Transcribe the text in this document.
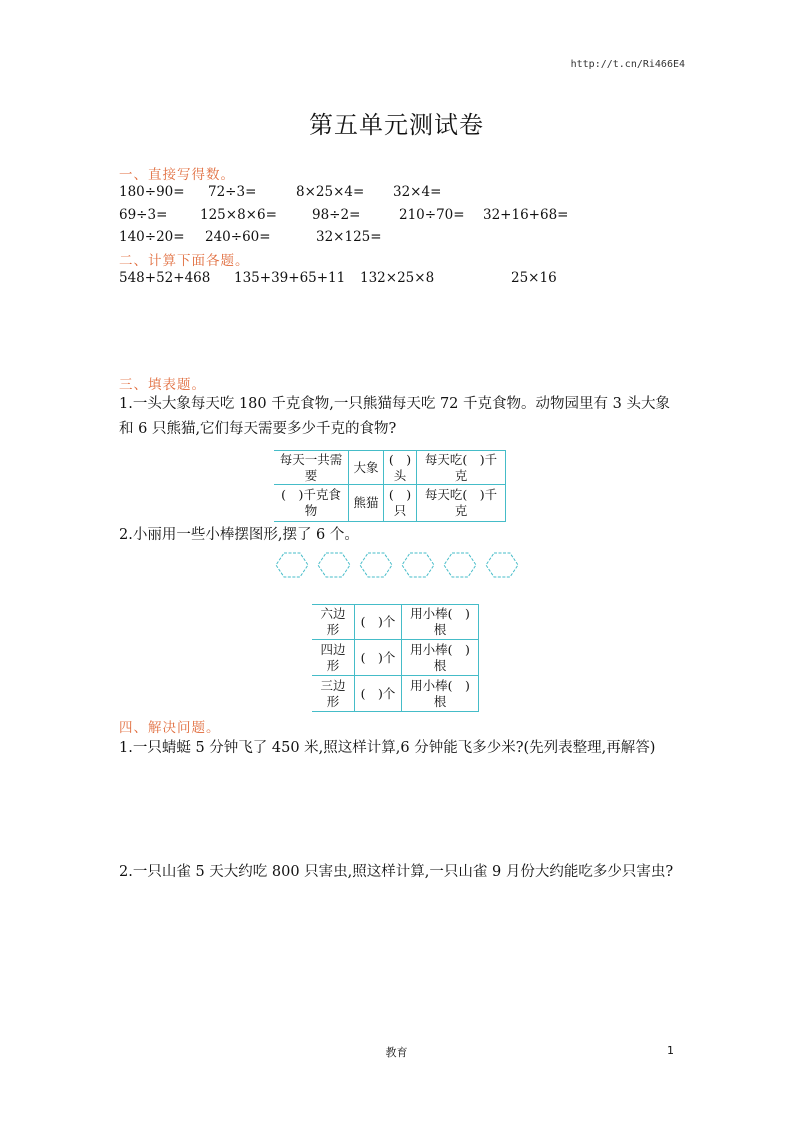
http://t.cn/Ri466E4
第五单元测试卷
一、直接写得数。
180÷90= 72÷3=	8×25×4= 32×4=
69÷3= 125×8×6=	98÷2=	210÷70= 32+16+68=
140÷20= 240÷60=	32×125=
二、计算下面各题。
548+52+468 135+39+65+11 132×25×8	25×16
三、填表题。
1.一头大象每天吃 180 千克食物,一只熊猫每天吃 72 千克食物。动物园里有 3 头大象和 6 只熊猫,它们每天需要多少千克的食物?
每天一共需要	大象	(　)头	每天吃(　)千克
(　)千克食物	熊猫	(　)只	每天吃(　)千克
2.小丽用一些小棒摆图形,摆了 6 个。
六边形	(　)个	用小棒(　)根
四边形	(　)个	用小棒(　)根
三边形	(　)个	用小棒(　)根
四、解决问题。
1.一只蜻蜓 5 分钟飞了 450 米,照这样计算,6 分钟能飞多少米?(先列表整理,再解答)
2.一只山雀 5 天大约吃 800 只害虫,照这样计算,一只山雀 9 月份大约能吃多少只害虫?
教育	1
